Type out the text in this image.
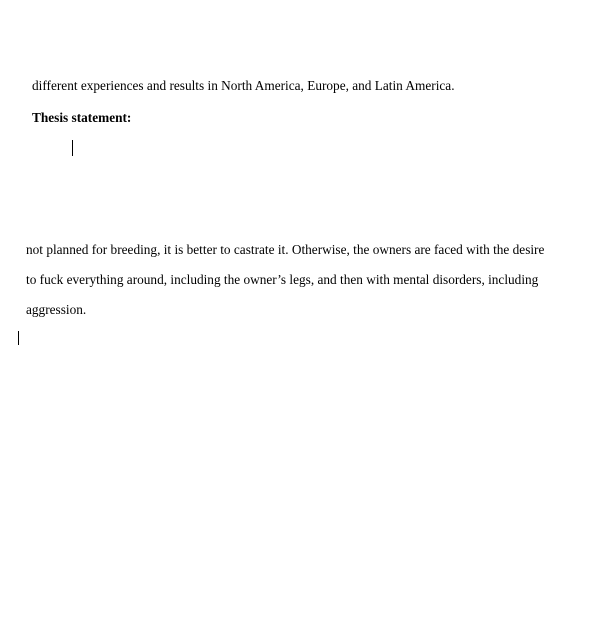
different experiences and results in North America, Europe, and Latin America.
Thesis statement:
not planned for breeding, it is better to castrate it. Otherwise, the owners are faced with the desire
to fuck everything around, including the owner’s legs, and then with mental disorders, including
aggression.
